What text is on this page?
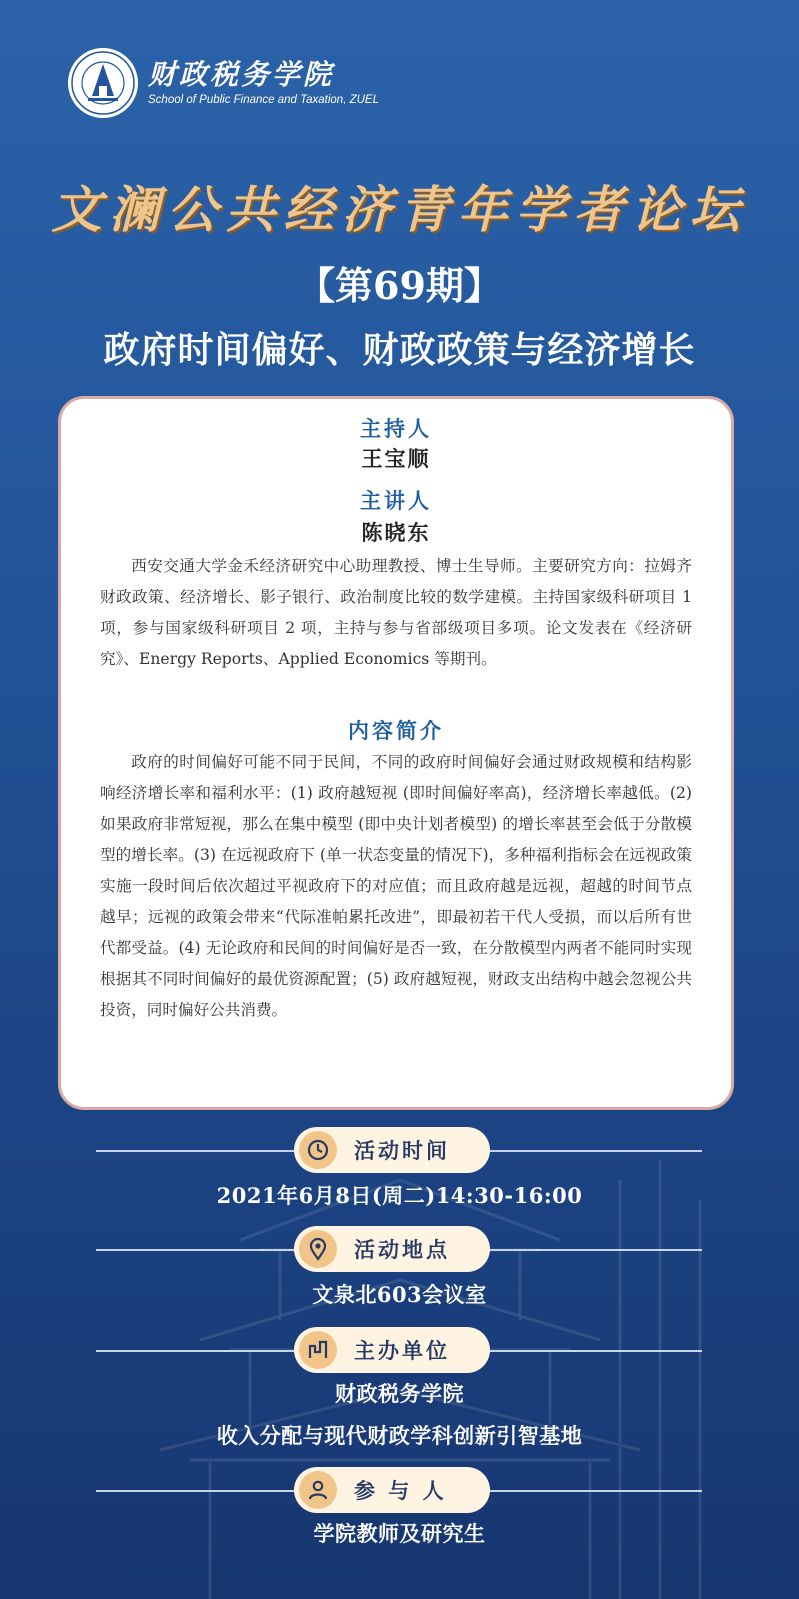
财政税务学院
School of Public Finance and Taxation, ZUEL
文澜公共经济青年学者论坛
【第69期】
政府时间偏好、财政政策与经济增长
主持人
王宝顺
主讲人
陈晓东

西安交通大学金禾经济研究中心助理教授、博士生导师。主要研究方向：拉姆齐财政政策、经济增长、影子银行、政治制度比较的数学建模。主持国家级科研项目 1 项，参与国家级科研项目 2 项，主持与参与省部级项目多项。论文发表在《经济研究》、Energy Reports、Applied Economics 等期刊。

内容简介

政府的时间偏好可能不同于民间，不同的政府时间偏好会通过财政规模和结构影响经济增长率和福利水平：(1) 政府越短视 (即时间偏好率高)，经济增长率越低。(2) 如果政府非常短视，那么在集中模型 (即中央计划者模型) 的增长率甚至会低于分散模型的增长率。(3) 在远视政府下 (单一状态变量的情况下)，多种福利指标会在远视政策实施一段时间后依次超过平视政府下的对应值；而且政府越是远视，超越的时间节点越早；远视的政策会带来“代际准帕累托改进”，即最初若干代人受损，而以后所有世代都受益。(4) 无论政府和民间的时间偏好是否一致，在分散模型内两者不能同时实现根据其不同时间偏好的最优资源配置；(5) 政府越短视，财政支出结构中越会忽视公共投资，同时偏好公共消费。

活动时间
2021年6月8日(周二)14:30-16:00
活动地点
文泉北603会议室
主办单位
财政税务学院
收入分配与现代财政学科创新引智基地
参 与 人
学院教师及研究生
